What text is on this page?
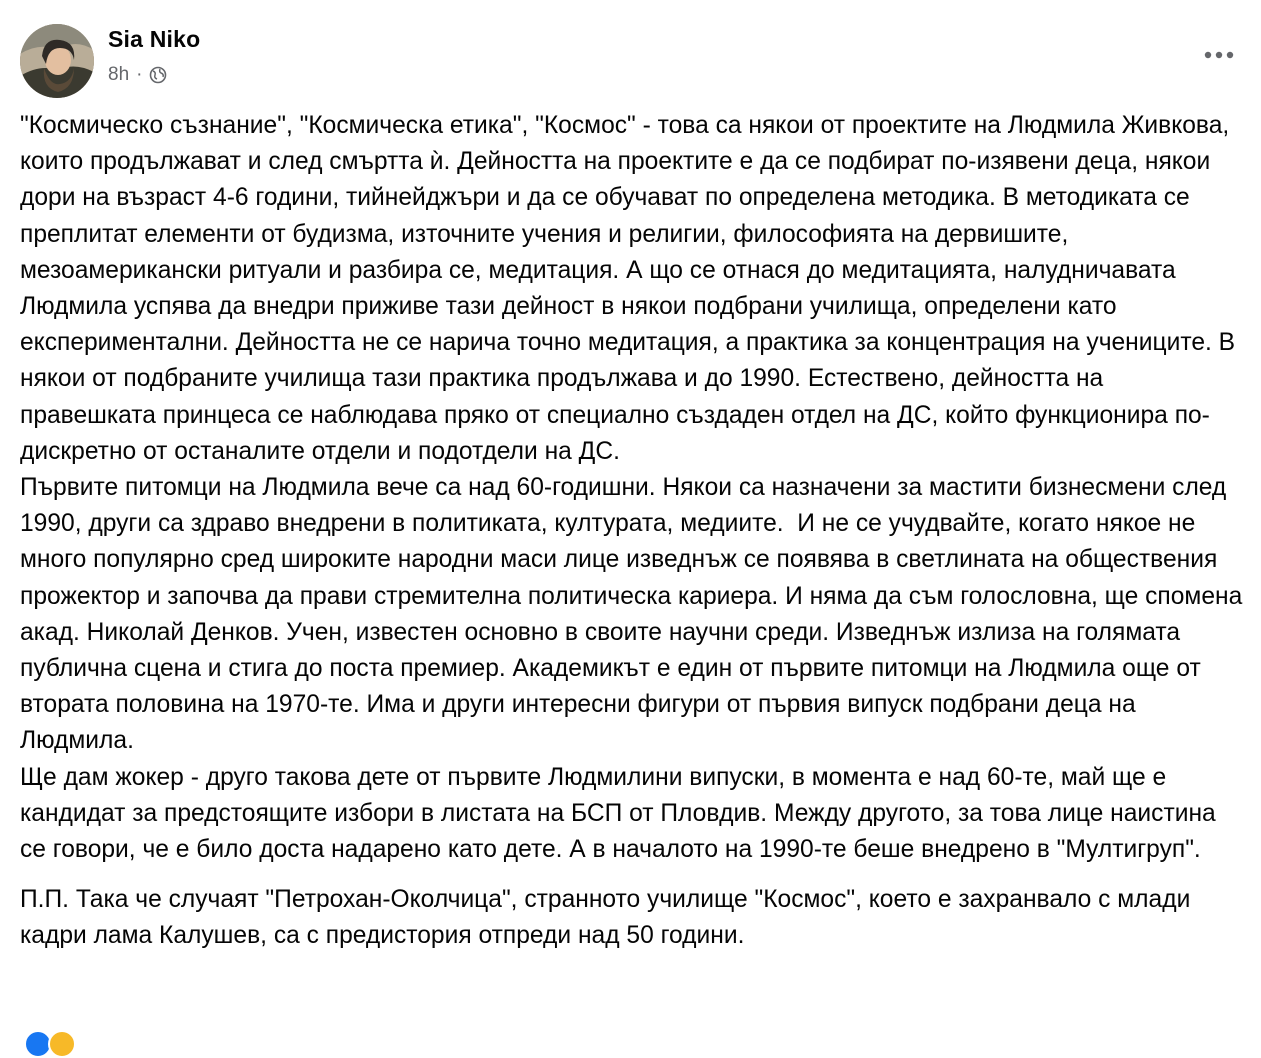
Sia Niko
8h ·

"Космическо съзнание", "Космическа етика", "Космос" - това са някои от проектите на Людмила Живкова, които продължават и след смъртта ѝ. Дейността на проектите е да се подбират по-изявени деца, някои дори на възраст 4-6 години, тийнейджъри и да се обучават по определена методика. В методиката се преплитат елементи от будизма, източните учения и религии, философията на дервишите, мезоамерикански ритуали и разбира се, медитация. А що се отнася до медитацията, налудничавата Людмила успява да внедри приживе тази дейност в някои подбрани училища, определени като експериментални. Дейността не се нарича точно медитация, а практика за концентрация на учениците. В някои от подбраните училища тази практика продължава и до 1990. Естествено, дейността на правешката принцеса се наблюдава пряко от специално създаден отдел на ДС, който функционира по-дискретно от останалите отдели и подотдели на ДС.

Първите питомци на Людмила вече са над 60-годишни. Някои са назначени за мастити бизнесмени след 1990, други са здраво внедрени в политиката, културата, медиите.  И не се учудвайте, когато някое не много популярно сред широките народни маси лице изведнъж се появява в светлината на обществения прожектор и започва да прави стремителна политическа кариера. И няма да съм голословна, ще спомена акад. Николай Денков. Учен, известен основно в своите научни среди. Изведнъж излиза на голямата публична сцена и стига до поста премиер. Академикът е един от първите питомци на Людмила още от втората половина на 1970-те. Има и други интересни фигури от първия випуск подбрани деца на Людмила.

Ще дам жокер - друго такова дете от първите Людмилини випуски, в момента е над 60-те, май ще е кандидат за предстоящите избори в листата на БСП от Пловдив. Между другото, за това лице наистина се говори, че е било доста надарено като дете. А в началото на 1990-те беше внедрено в "Мултигруп".

П.П. Така че случаят "Петрохан-Околчица", странното училище "Космос", което е захранвало с млади кадри лама Калушев, са с предистория отпреди над 50 години.
